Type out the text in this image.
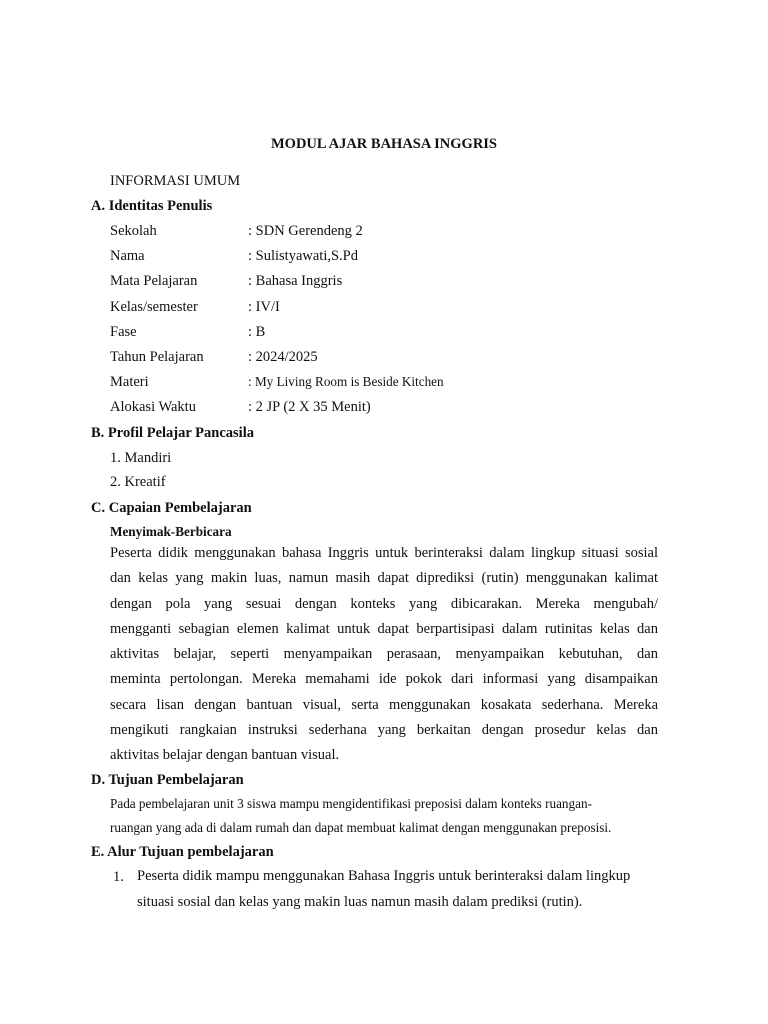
MODUL AJAR BAHASA INGGRIS
INFORMASI UMUM
A. Identitas Penulis
Sekolah	: SDN Gerendeng 2
Nama	: Sulistyawati,S.Pd
Mata Pelajaran	: Bahasa Inggris
Kelas/semester	: IV/I
Fase	: B
Tahun Pelajaran	: 2024/2025
Materi	: My Living Room is Beside Kitchen
Alokasi Waktu	: 2 JP (2 X 35 Menit)
B. Profil Pelajar Pancasila
1. Mandiri
2. Kreatif
C. Capaian Pembelajaran
Menyimak-Berbicara
Peserta didik menggunakan bahasa Inggris untuk berinteraksi dalam lingkup situasi sosial
dan kelas yang makin luas, namun masih dapat diprediksi (rutin) menggunakan kalimat
dengan pola yang sesuai dengan konteks yang dibicarakan. Mereka mengubah/
mengganti sebagian elemen kalimat untuk dapat berpartisipasi dalam rutinitas kelas dan
aktivitas belajar, seperti menyampaikan perasaan, menyampaikan kebutuhan, dan
meminta pertolongan. Mereka memahami ide pokok dari informasi yang disampaikan
secara lisan dengan bantuan visual, serta menggunakan kosakata sederhana. Mereka
mengikuti rangkaian instruksi sederhana yang berkaitan dengan prosedur kelas dan
aktivitas belajar dengan bantuan visual.
D. Tujuan Pembelajaran
Pada pembelajaran unit 3 siswa mampu mengidentifikasi preposisi dalam konteks ruangan-
ruangan yang ada di dalam rumah dan dapat membuat kalimat dengan menggunakan preposisi.
E. Alur Tujuan pembelajaran
1. Peserta didik mampu menggunakan Bahasa Inggris untuk berinteraksi dalam lingkup
situasi sosial dan kelas yang makin luas namun masih dalam prediksi (rutin).
